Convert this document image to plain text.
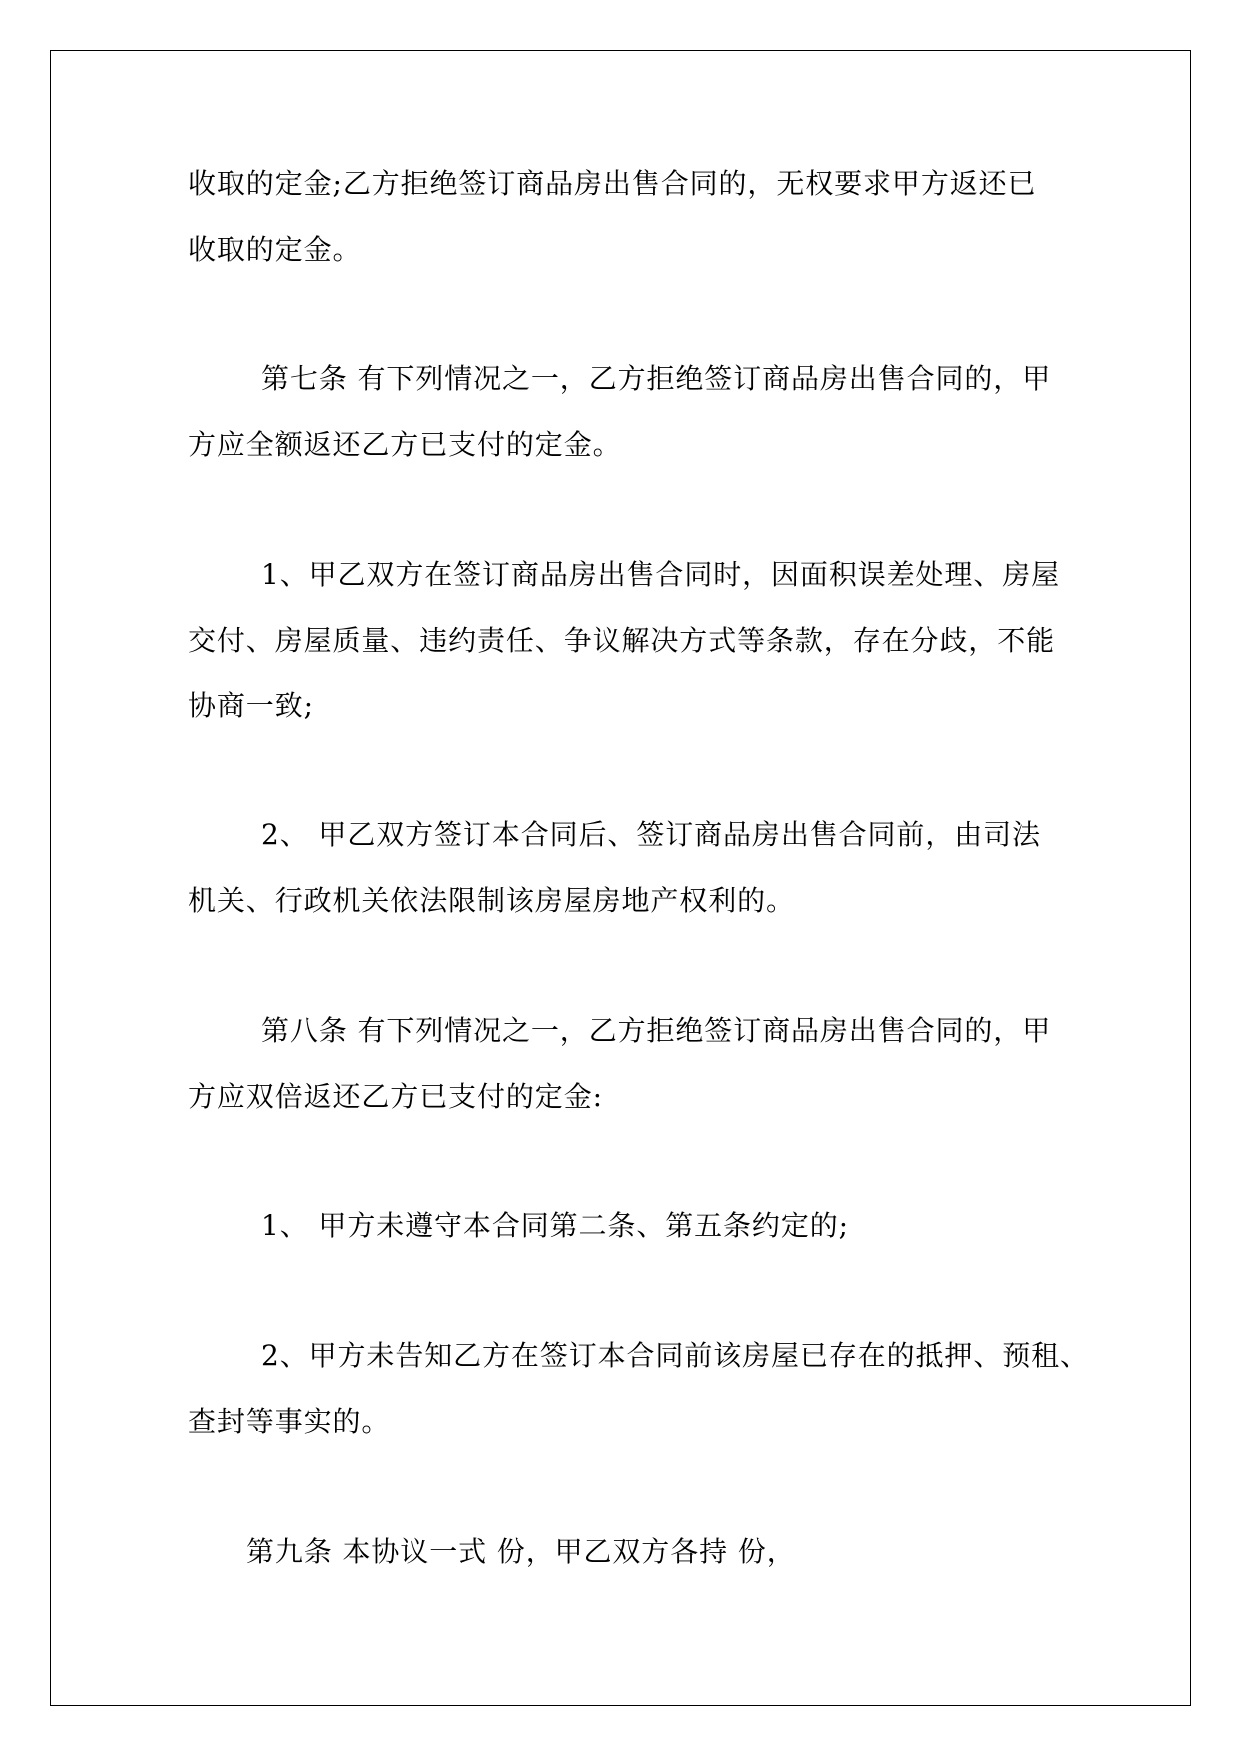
收取的定金;乙方拒绝签订商品房出售合同的，无权要求甲方返还已

收取的定金。

第七条 有下列情况之一，乙方拒绝签订商品房出售合同的，甲

方应全额返还乙方已支付的定金。

1、甲乙双方在签订商品房出售合同时，因面积误差处理、房屋

交付、房屋质量、违约责任、争议解决方式等条款，存在分歧，不能

协商一致;

2、 甲乙双方签订本合同后、签订商品房出售合同前，由司法

机关、行政机关依法限制该房屋房地产权利的。

第八条 有下列情况之一，乙方拒绝签订商品房出售合同的，甲

方应双倍返还乙方已支付的定金:

1、 甲方未遵守本合同第二条、第五条约定的;

2、甲方未告知乙方在签订本合同前该房屋已存在的抵押、预租、

查封等事实的。

第九条 本协议一式 份，甲乙双方各持 份，
